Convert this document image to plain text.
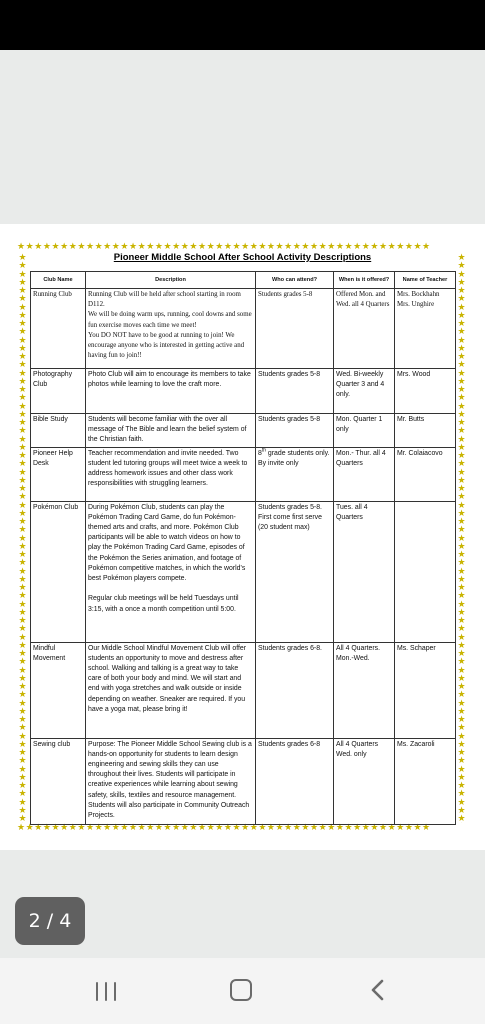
★★★★★★★★★★★★★★★★★★★★★★★★★★★★★★★★★★★★★★★★★★★★★★★★
★★★★★★★★★★★★★★★★★★★★★★★★★★★★★★★★★★★★★★★★★★★★★★★★
★★★★★★★★★★★★★★★★★★★★★★★★★★★★★★★★★★★★★★★★★★★★★★★★★★★★★★★★★★★★★★★★★★★★★
★★★★★★★★★★★★★★★★★★★★★★★★★★★★★★★★★★★★★★★★★★★★★★★★★★★★★★★★★★★★★★★★★★★★★
Pioneer Middle School After School Activity Descriptions
Club Name	Description	Who can attend?	When is it offered?	Name of Teacher
Running Club	Running Club will be held after school starting in room D112.
We will be doing warm ups, running, cool downs and some fun exercise moves each time we meet!
You DO NOT have to be good at running to join! We encourage anyone who is interested in getting active and having fun to join!!	Students grades 5-8	Offered Mon. and Wed. all 4 Quarters	Mrs. Bockhahn Mrs. Unghire
Photography Club	Photo Club will aim to encourage its members to take photos while learning to love the craft more.	Students grades 5-8	Wed. Bi-weekly Quarter 3 and 4 only.	Mrs. Wood
Bible Study	Students will become familiar with the over all message of The Bible and learn the belief system of the Christian faith.	Students grades 5-8	Mon. Quarter 1 only	Mr. Butts
Pioneer Help Desk	Teacher recommendation and invite needed. Two student led tutoring groups will meet twice a week to address homework issues and other class work responsibilities with struggling learners.	8th grade students only. By invite only	Mon.- Thur. all 4 Quarters	Mr. Colaiacovo
Pokémon Club	During Pokémon Club, students can play the Pokémon Trading Card Game, do fun Pokémon-themed arts and crafts, and more. Pokémon Club participants will be able to watch videos on how to play the Pokémon Trading Card Game, episodes of the Pokémon the Series animation, and footage of Pokémon competitive matches, in which the world’s best Pokémon players compete.

Regular club meetings will be held Tuesdays until 3:15, with a once a month competition until 5:00.	Students grades 5-8. First come first serve (20 student max)	Tues. all 4 Quarters	
Mindful Movement	Our Middle School Mindful Movement Club will offer students an opportunity to move and destress after school. Walking and talking is a great way to take care of both your body and mind. We will start and end with yoga stretches and walk outside or inside depending on weather. Sneaker are required. If you have a yoga mat, please bring it!	Students grades 6-8.	All 4 Quarters. Mon.-Wed.	Ms. Schaper
Sewing club	Purpose: The Pioneer Middle School Sewing club is a hands-on opportunity for students to learn design engineering and sewing skills they can use throughout their lives. Students will participate in creative experiences while learning about sewing safety, skills, textiles and resource management. Students will also participate in Community Outreach Projects.	Students grades 6-8	All 4 Quarters Wed. only	Ms. Zacaroli
2 / 4
